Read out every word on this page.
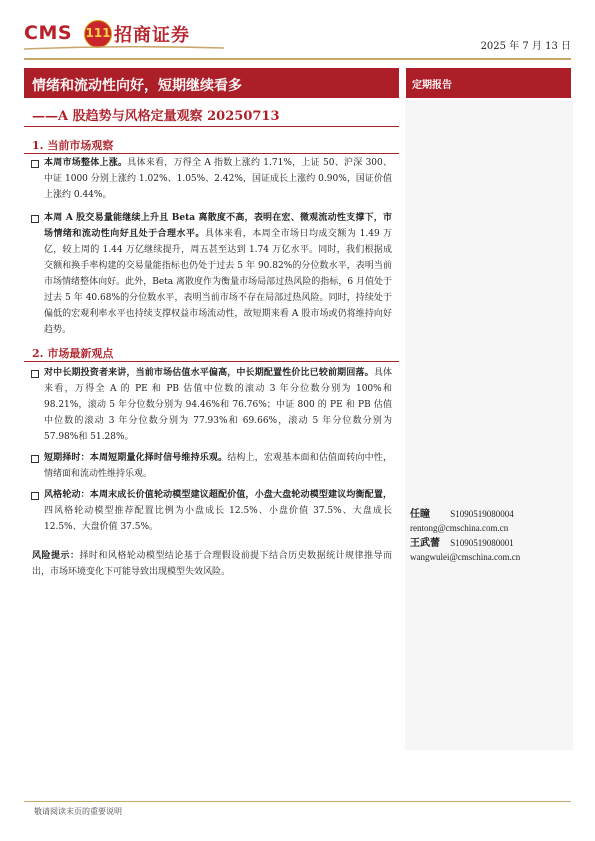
CMS 111 招商证券
2025 年 7 月 13 日
情绪和流动性向好，短期继续看多	定期报告
——A 股趋势与风格定量观察 20250713
1. 当前市场观察
本周市场整体上涨。具体来看，万得全 A 指数上涨约 1.71%，上证 50、沪深 300、中证 1000 分别上涨约 1.02%、1.05%、2.42%，国证成长上涨约 0.90%，国证价值上涨约 0.44%。
本周 A 股交易量能继续上升且 Beta 离散度不高，表明在宏、微观流动性支撑下，市场情绪和流动性向好且处于合理水平。具体来看，本周全市场日均成交额为 1.49 万亿，较上周的 1.44 万亿继续提升，周五甚至达到 1.74 万亿水平。同时，我们根据成交额和换手率构建的交易量能指标也仍处于过去 5 年 90.82%的分位数水平，表明当前市场情绪整体向好。此外，Beta 离散度作为衡量市场局部过热风险的指标，6 月值处于过去 5 年 40.68%的分位数水平，表明当前市场不存在局部过热风险。同时，持续处于偏低的宏观利率水平也持续支撑权益市场流动性，故短期来看 A 股市场或仍将维持向好趋势。
2. 市场最新观点
对中长期投资者来讲，当前市场估值水平偏高，中长期配置性价比已较前期回落。具体来看，万得全 A 的 PE 和 PB 估值中位数的滚动 3 年分位数分别为 100%和 98.21%，滚动 5 年分位数分别为 94.46%和 76.76%；中证 800 的 PE 和 PB 估值中位数的滚动 3 年分位数分别为 77.93%和 69.66%，滚动 5 年分位数分别为 57.98%和 51.28%。
短期择时：本周短期量化择时信号维持乐观。结构上，宏观基本面和估值面转向中性，情绪面和流动性维持乐观。
风格轮动：本周末成长价值轮动模型建议超配价值，小盘大盘轮动模型建议均衡配置，四风格轮动模型推荐配置比例为小盘成长 12.5%、小盘价值 37.5%、大盘成长 12.5%、大盘价值 37.5%。
风险提示：择时和风格轮动模型结论基于合理假设前提下结合历史数据统计规律推导而出，市场环境变化下可能导致出现模型失效风险。
任瞳 S1090519080004
rentong@cmschina.com.cn
王武蕾 S1090519080001
wangwulei@cmschina.com.cn
敬请阅读末页的重要说明
